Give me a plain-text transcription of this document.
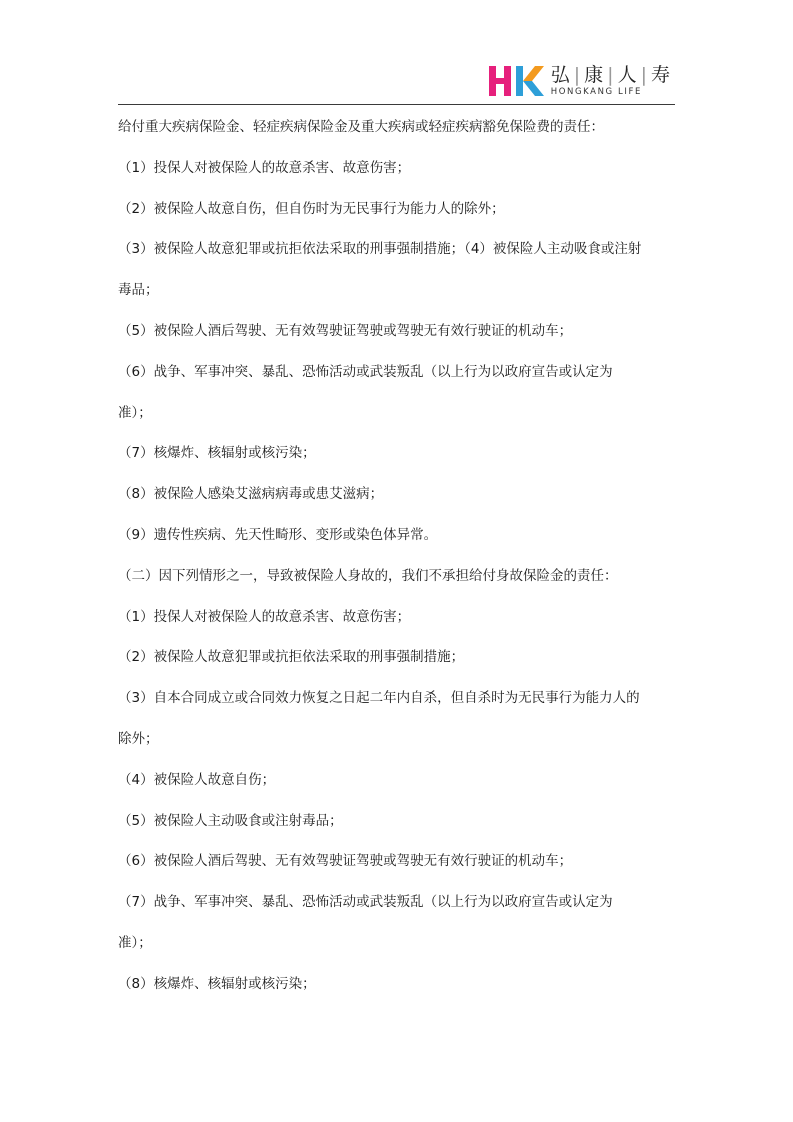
弘 | 康 | 人 | 寿
HONGKANG LIFE
给付重大疾病保险金、轻症疾病保险金及重大疾病或轻症疾病豁免保险费的责任：
（1）投保人对被保险人的故意杀害、故意伤害；
（2）被保险人故意自伤，但自伤时为无民事行为能力人的除外；
（3）被保险人故意犯罪或抗拒依法采取的刑事强制措施；（4）被保险人主动吸食或注射
毒品；
（5）被保险人酒后驾驶、无有效驾驶证驾驶或驾驶无有效行驶证的机动车；
（6）战争、军事冲突、暴乱、恐怖活动或武装叛乱（以上行为以政府宣告或认定为
准）；
（7）核爆炸、核辐射或核污染；
（8）被保险人感染艾滋病病毒或患艾滋病；
（9）遗传性疾病、先天性畸形、变形或染色体异常。
（二）因下列情形之一，导致被保险人身故的，我们不承担给付身故保险金的责任：
（1）投保人对被保险人的故意杀害、故意伤害；
（2）被保险人故意犯罪或抗拒依法采取的刑事强制措施；
（3）自本合同成立或合同效力恢复之日起二年内自杀，但自杀时为无民事行为能力人的
除外；
（4）被保险人故意自伤；
（5）被保险人主动吸食或注射毒品；
（6）被保险人酒后驾驶、无有效驾驶证驾驶或驾驶无有效行驶证的机动车；
（7）战争、军事冲突、暴乱、恐怖活动或武装叛乱（以上行为以政府宣告或认定为
准）；
（8）核爆炸、核辐射或核污染；
